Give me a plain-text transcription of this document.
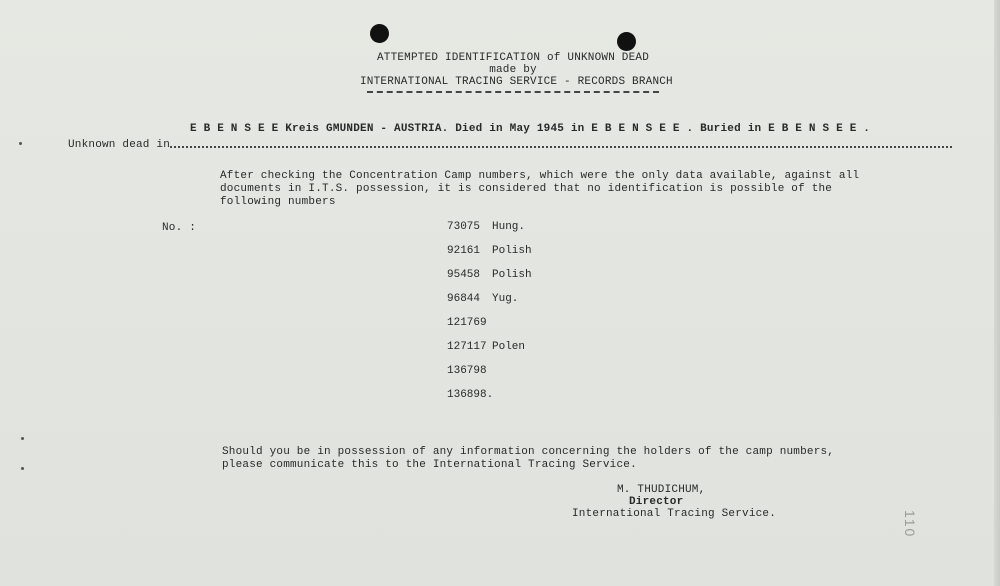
ATTEMPTED IDENTIFICATION of UNKNOWN DEAD
made by
INTERNATIONAL TRACING SERVICE - RECORDS BRANCH
E B E N S E E Kreis GMUNDEN - AUSTRIA. Died in May 1945 in E B E N S E E . Buried in E B E N S E E .
Unknown dead in
After checking the Concentration Camp numbers, which were the only data available, against all
documents in I.T.S. possession, it is considered that no identification is possible of the
following numbers
No. :	73075 Hung.
92161 Polish
95458 Polish
96844 Yug.
121769
127117 Polen
136798
136898.
Should you be in possession of any information concerning the holders of the camp numbers,
please communicate this to the International Tracing Service.
M. THUDICHUM,
Director
International Tracing Service.	110
